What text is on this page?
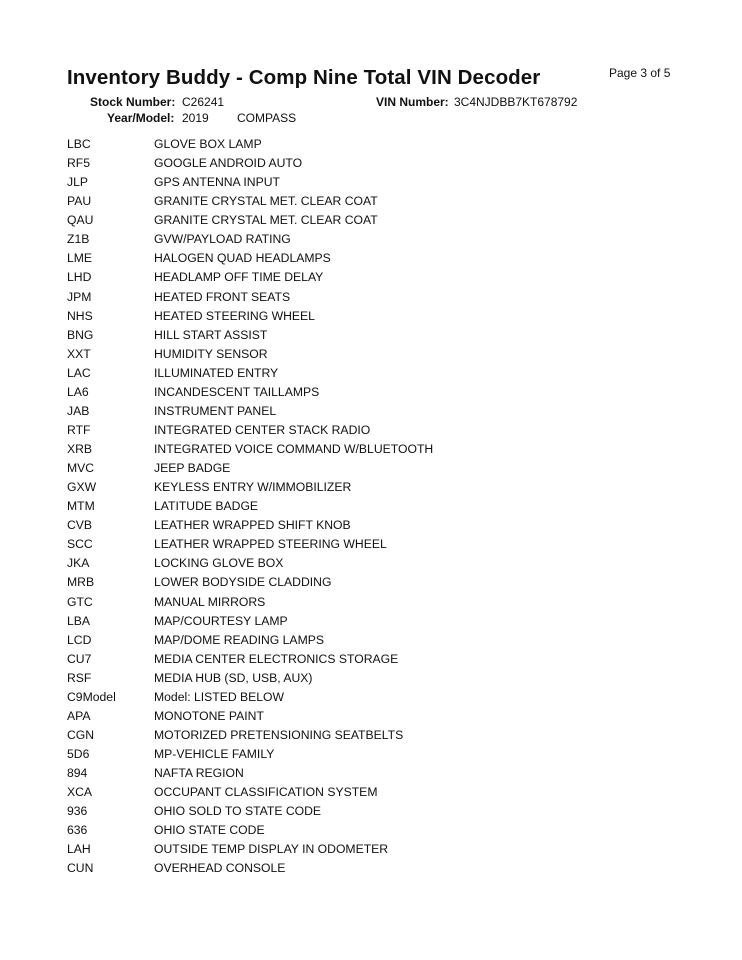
Inventory Buddy - Comp Nine Total VIN Decoder	Page 3 of 5
Stock Number: C26241	VIN Number: 3C4NJDBB7KT678792
Year/Model: 2019 COMPASS
LBC	GLOVE BOX LAMP
RF5	GOOGLE ANDROID AUTO
JLP	GPS ANTENNA INPUT
PAU	GRANITE CRYSTAL MET. CLEAR COAT
QAU	GRANITE CRYSTAL MET. CLEAR COAT
Z1B	GVW/PAYLOAD RATING
LME	HALOGEN QUAD HEADLAMPS
LHD	HEADLAMP OFF TIME DELAY
JPM	HEATED FRONT SEATS
NHS	HEATED STEERING WHEEL
BNG	HILL START ASSIST
XXT	HUMIDITY SENSOR
LAC	ILLUMINATED ENTRY
LA6	INCANDESCENT TAILLAMPS
JAB	INSTRUMENT PANEL
RTF	INTEGRATED CENTER STACK RADIO
XRB	INTEGRATED VOICE COMMAND W/BLUETOOTH
MVC	JEEP BADGE
GXW	KEYLESS ENTRY W/IMMOBILIZER
MTM	LATITUDE BADGE
CVB	LEATHER WRAPPED SHIFT KNOB
SCC	LEATHER WRAPPED STEERING WHEEL
JKA	LOCKING GLOVE BOX
MRB	LOWER BODYSIDE CLADDING
GTC	MANUAL MIRRORS
LBA	MAP/COURTESY LAMP
LCD	MAP/DOME READING LAMPS
CU7	MEDIA CENTER ELECTRONICS STORAGE
RSF	MEDIA HUB (SD, USB, AUX)
C9Model	Model: LISTED BELOW
APA	MONOTONE PAINT
CGN	MOTORIZED PRETENSIONING SEATBELTS
5D6	MP-VEHICLE FAMILY
894	NAFTA REGION
XCA	OCCUPANT CLASSIFICATION SYSTEM
936	OHIO SOLD TO STATE CODE
636	OHIO STATE CODE
LAH	OUTSIDE TEMP DISPLAY IN ODOMETER
CUN	OVERHEAD CONSOLE
